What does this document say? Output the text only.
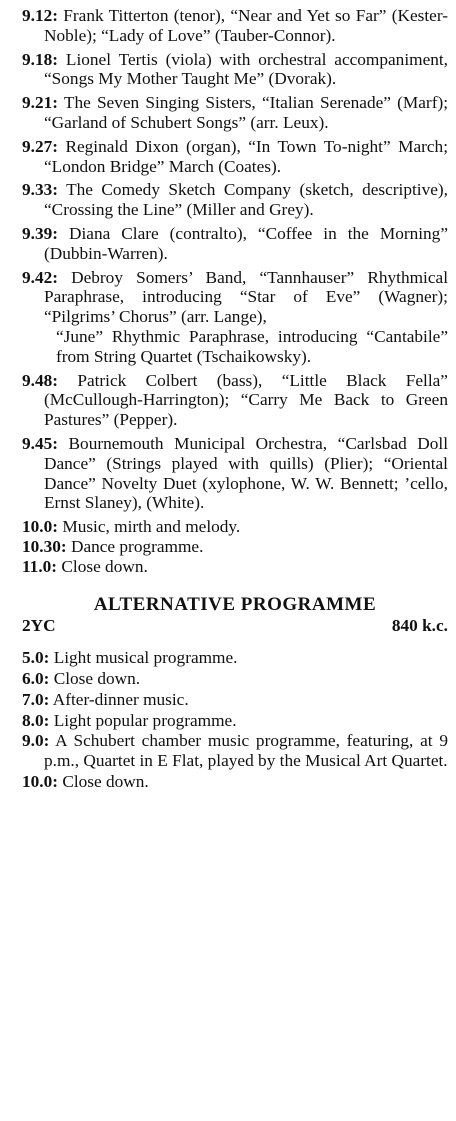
9.12: Frank Titterton (tenor), “Near and Yet so Far” (Kester-Noble); “Lady of Love” (Tauber-Connor).
9.18: Lionel Tertis (viola) with orchestral accompaniment, “Songs My Mother Taught Me” (Dvorak).
9.21: The Seven Singing Sisters, “Italian Serenade” (Marf); “Garland of Schubert Songs” (arr. Leux).
9.27: Reginald Dixon (organ), “In Town To-night” March; “London Bridge” March (Coates).
9.33: The Comedy Sketch Company (sketch, descriptive), “Crossing the Line” (Miller and Grey).
9.39: Diana Clare (contralto), “Coffee in the Morning” (Dubbin-Warren).
9.42: Debroy Somers’ Band, “Tannhauser” Rhythmical Paraphrase, introducing “Star of Eve” (Wagner); “Pilgrims’ Chorus” (arr. Lange),
“June” Rhythmic Paraphrase, introducing “Cantabile” from String Quartet (Tschaikowsky).
9.48: Patrick Colbert (bass), “Little Black Fella” (McCullough-Harrington); “Carry Me Back to Green Pastures” (Pepper).
9.45: Bournemouth Municipal Orchestra, “Carlsbad Doll Dance” (Strings played with quills) (Plier); “Oriental Dance” Novelty Duet (xylophone, W. W. Bennett; ’cello, Ernst Slaney), (White).
10.0: Music, mirth and melody.
10.30: Dance programme.
11.0: Close down.
ALTERNATIVE PROGRAMME
2YC	840 k.c.
5.0: Light musical programme.
6.0: Close down.
7.0: After-dinner music.
8.0: Light popular programme.
9.0: A Schubert chamber music programme, featuring, at 9 p.m., Quartet in E Flat, played by the Musical Art Quartet.
10.0: Close down.
